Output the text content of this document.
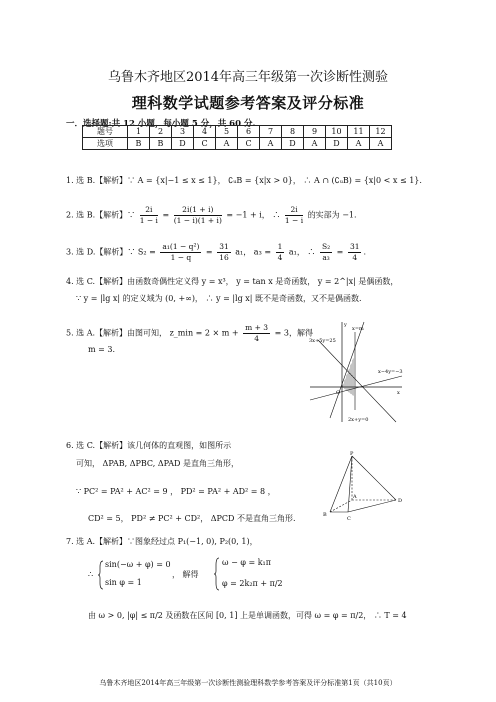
乌鲁木齐地区2014年高三年级第一次诊断性测验
理科数学试题参考答案及评分标准
一．选择题:共 12 小题，每小题 5 分，共 60 分.
题号	1	2	3	4	5	6	7	8	9	10	11	12
选项	B	B	D	C	A	C	A	D	A	D	A	A
1. 选 B.【解析】∵ A = {x|−1 ≤ x ≤ 1}， ∁ᵤB = {x|x > 0}， ∴ A ∩ (∁ᵤB) = {x|0 < x ≤ 1}.
2. 选 B.【解析】∵ $\frac{2i}{1 - i} = \frac{2i(1 + i)}{(1 - i)(1 + i)} = -1 + i$， ∴ $\frac{2i}{1 - i}$ 的实部为 −1.
3. 选 D.【解析】∵ $S_2 = \frac{\text{a₁(1 − q²)}}{1 - q} = \frac{31}{16} a_1$， $a_3 = \frac{1}{4} a_1$， ∴ $\frac{\text{S₂}}{\text{a₃}} = \frac{31}{4}$ .
4. 选 C.【解析】由函数奇偶性定义得 y = x³， y = tan x 是奇函数， y = 2^|x| 是偶函数，
∵ y = |lg x| 的定义域为 (0, +∞)， ∴ y = |lg x| 既不是奇函数，又不是偶函数.
5. 选 A.【解析】由图可知， z_min = $2 \times m + \frac{m + 3}{4} = 3$，解得
m = 3.
3x+5y=25
x=m
x−4y=−3
2x+y=0
x
y
O
6. 选 C.【解析】该几何体的直观图，如图所示
可知， ΔPAB, ΔPBC, ΔPAD 是直角三角形，
∵ PC² = PA² + AC² = 9 ， PD² = PA² + AD² = 8 ，
CD² = 5， PD² ≠ PC² + CD²， ΔPCD 不是直角三角形.
P
A
B
C
D
7. 选 A.【解析】∵图象经过点 P₁(−1, 0), P₂(0, 1)，
∴
sin(−ω + φ) = 0
sin φ = 1
， 解得
ω − φ = k₁π
φ = 2k₂π + π/2
由 ω > 0, |φ| ≤ π/2 及函数在区间 [0, 1] 上是单调函数，可得 ω = φ = π/2， ∴ T = 4
乌鲁木齐地区2014年高三年级第一次诊断性测验理科数学参考答案及评分标准第1页（共10页）
